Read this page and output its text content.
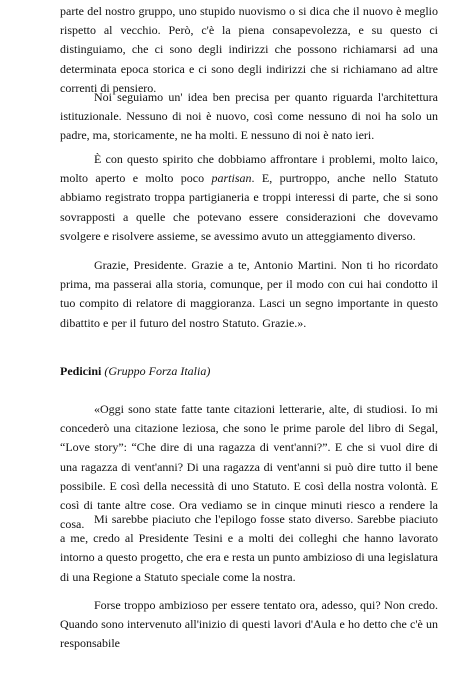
parte del nostro gruppo, uno stupido nuovismo o si dica che il nuovo è meglio rispetto al vecchio. Però, c'è la piena consapevolezza, e su questo ci distinguiamo, che ci sono degli indirizzi che possono richiamarsi ad una determinata epoca storica e ci sono degli indirizzi che si richiamano ad altre correnti di pensiero.

Noi seguiamo un' idea ben precisa per quanto riguarda l'architettura istituzionale. Nessuno di noi è nuovo, così come nessuno di noi ha solo un padre, ma, storicamente, ne ha molti. E nessuno di noi è nato ieri.

È con questo spirito che dobbiamo affrontare i problemi, molto laico, molto aperto e molto poco partisan. E, purtroppo, anche nello Statuto abbiamo registrato troppa partigianeria e troppi interessi di parte, che si sono sovrapposti a quelle che potevano essere considerazioni che dovevamo svolgere e risolvere assieme, se avessimo avuto un atteggiamento diverso.

Grazie, Presidente. Grazie a te, Antonio Martini. Non ti ho ricordato prima, ma passerai alla storia, comunque, per il modo con cui hai condotto il tuo compito di relatore di maggioranza. Lasci un segno importante in questo dibattito e per il futuro del nostro Statuto. Grazie.».

Pedicini (Gruppo Forza Italia)

«Oggi sono state fatte tante citazioni letterarie, alte, di studiosi. Io mi concederò una citazione leziosa, che sono le prime parole del libro di Segal, “Love story”: “Che dire di una ragazza di vent'anni?”. E che si vuol dire di una ragazza di vent'anni? Di una ragazza di vent'anni si può dire tutto il bene possibile. E così della necessità di uno Statuto. E così della nostra volontà. E così di tante altre cose. Ora vediamo se in cinque minuti riesco a rendere la cosa. Mi sarebbe piaciuto che l'epilogo fosse stato diverso. Sarebbe piaciuto a me, credo al Presidente Tesini e a molti dei colleghi che hanno lavorato intorno a questo progetto, che era e resta un punto ambizioso di una legislatura di una Regione a Statuto speciale come la nostra.

Forse troppo ambizioso per essere tentato ora, adesso, qui? Non credo. Quando sono intervenuto all'inizio di questi lavori d'Aula e ho detto che c'è un responsabile
